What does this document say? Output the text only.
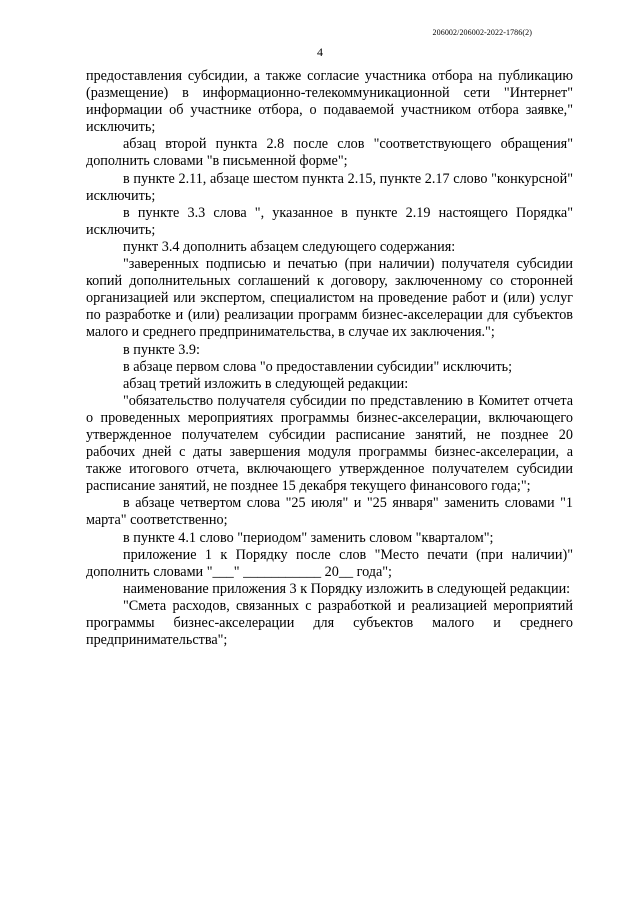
206002/206002-2022-1786(2)
4

предоставления субсидии, а также согласие участника отбора на публикацию (размещение) в информационно-телекоммуникационной сети "Интернет" информации об участнике отбора, о подаваемой участником отбора заявке," исключить;

абзац второй пункта 2.8 после слов "соответствующего обращения" дополнить словами "в письменной форме";

в пункте 2.11, абзаце шестом пункта 2.15, пункте 2.17 слово "конкурсной" исключить;

в пункте 3.3 слова ", указанное в пункте 2.19 настоящего Порядка" исключить;

пункт 3.4 дополнить абзацем следующего содержания:

"заверенных подписью и печатью (при наличии) получателя субсидии копий дополнительных соглашений к договору, заключенному со сторонней организацией или экспертом, специалистом на проведение работ и (или) услуг по разработке и (или) реализации программ бизнес-акселерации для субъектов малого и среднего предпринимательства, в случае их заключения.";

в пункте 3.9:

в абзаце первом слова "о предоставлении субсидии" исключить;

абзац третий изложить в следующей редакции:

"обязательство получателя субсидии по представлению в Комитет отчета о проведенных мероприятиях программы бизнес-акселерации, включающего утвержденное получателем субсидии расписание занятий, не позднее 20 рабочих дней с даты завершения модуля программы бизнес-акселерации, а также итогового отчета, включающего утвержденное получателем субсидии расписание занятий, не позднее 15 декабря текущего финансового года;";

в абзаце четвертом слова "25 июля" и "25 января" заменить словами "1 марта" соответственно;

в пункте 4.1 слово "периодом" заменить словом "кварталом";

приложение 1 к Порядку после слов "Место печати (при наличии)" дополнить словами "___" ___________ 20__ года";

наименование приложения 3 к Порядку изложить в следующей редакции:

"Смета расходов, связанных с разработкой и реализацией мероприятий программы бизнес-акселерации для субъектов малого и среднего предпринимательства";
